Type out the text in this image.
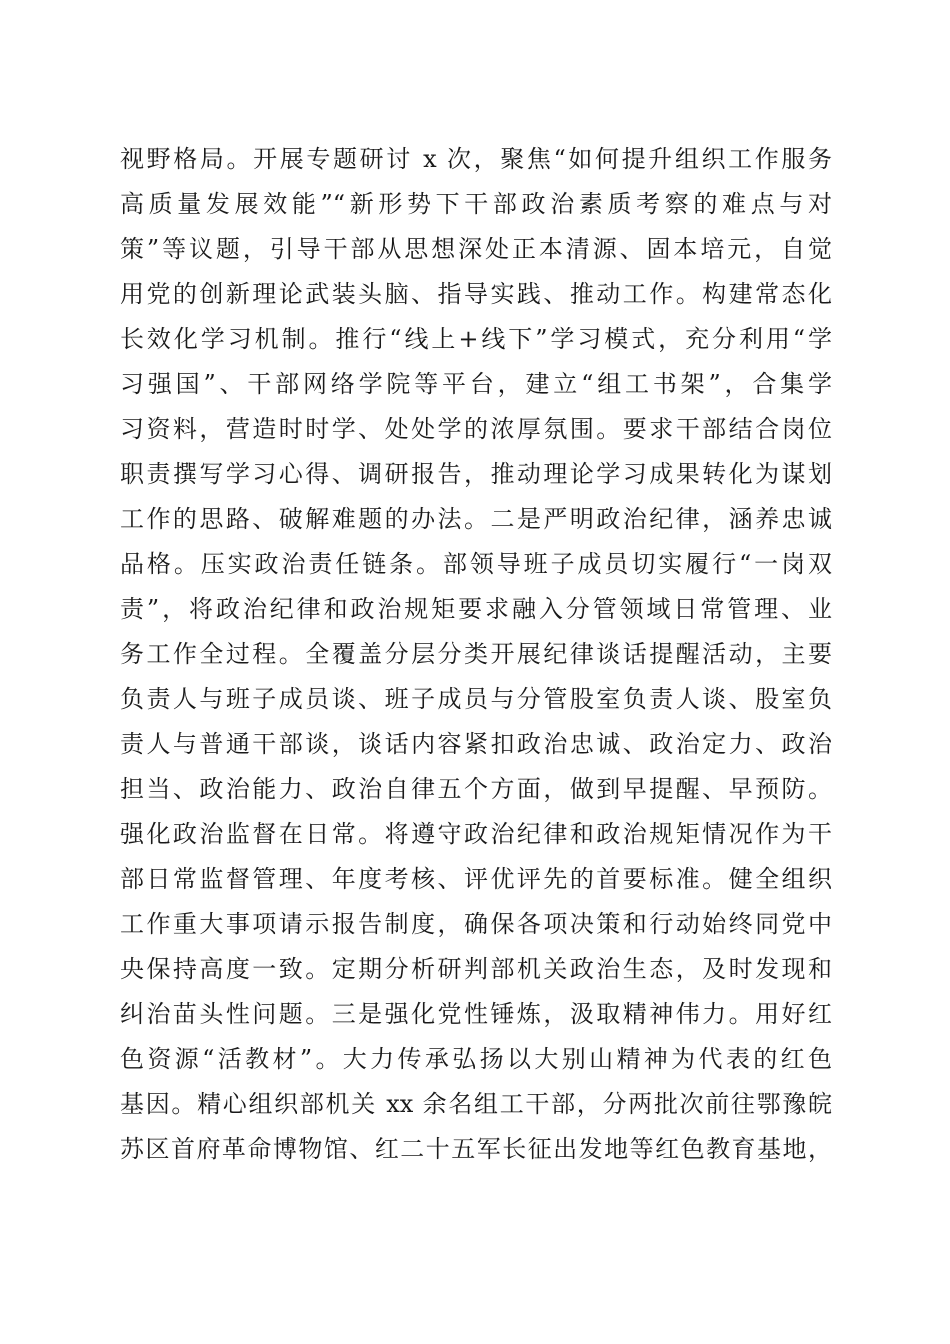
视野格局。开展专题研讨 x 次，聚焦“如何提升组织工作服务
高质量发展效能”“新形势下干部政治素质考察的难点与对
策”等议题，引导干部从思想深处正本清源、固本培元，自觉
用党的创新理论武装头脑、指导实践、推动工作。构建常态化
长效化学习机制。推行“线上+线下”学习模式，充分利用“学
习强国”、干部网络学院等平台，建立“组工书架”，合集学
习资料，营造时时学、处处学的浓厚氛围。要求干部结合岗位
职责撰写学习心得、调研报告，推动理论学习成果转化为谋划
工作的思路、破解难题的办法。二是严明政治纪律，涵养忠诚
品格。压实政治责任链条。部领导班子成员切实履行“一岗双
责”，将政治纪律和政治规矩要求融入分管领域日常管理、业
务工作全过程。全覆盖分层分类开展纪律谈话提醒活动，主要
负责人与班子成员谈、班子成员与分管股室负责人谈、股室负
责人与普通干部谈，谈话内容紧扣政治忠诚、政治定力、政治
担当、政治能力、政治自律五个方面，做到早提醒、早预防。
强化政治监督在日常。将遵守政治纪律和政治规矩情况作为干
部日常监督管理、年度考核、评优评先的首要标准。健全组织
工作重大事项请示报告制度，确保各项决策和行动始终同党中
央保持高度一致。定期分析研判部机关政治生态，及时发现和
纠治苗头性问题。三是强化党性锤炼，汲取精神伟力。用好红
色资源“活教材”。大力传承弘扬以大别山精神为代表的红色
基因。精心组织部机关 xx 余名组工干部，分两批次前往鄂豫皖
苏区首府革命博物馆、红二十五军长征出发地等红色教育基地，
